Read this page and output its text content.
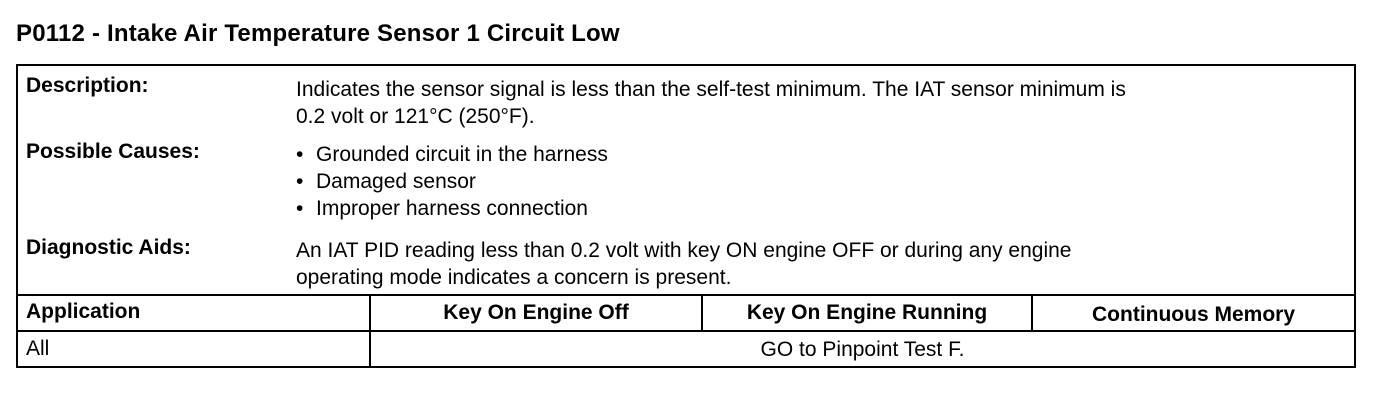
P0112 - Intake Air Temperature Sensor 1 Circuit Low
Description:	Indicates the sensor signal is less than the self-test minimum. The IAT sensor minimum is
0.2 volt or 121°C (250°F).
Possible Causes:
•	Grounded circuit in the harness
• Damaged sensor
• Improper harness connection
Diagnostic Aids:	An IAT PID reading less than 0.2 volt with key ON engine OFF or during any engine
operating mode indicates a concern is present.
Application	Key On Engine Off	Key On Engine Running	Continuous Memory
All	GO to Pinpoint Test F.
